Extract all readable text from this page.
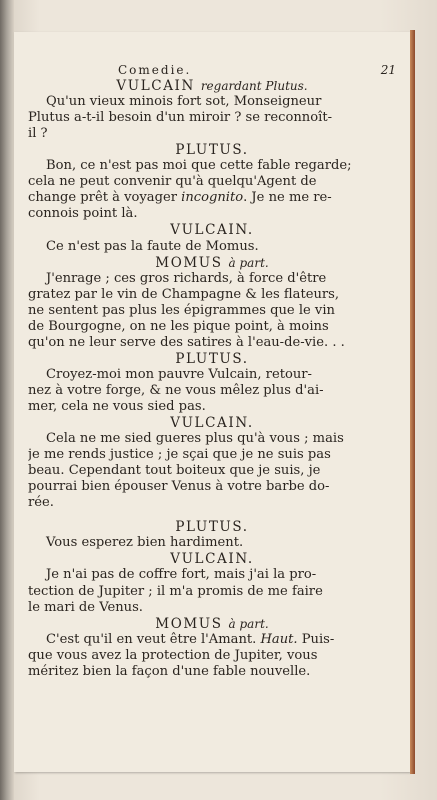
Comedie.	21
VULCAIN regardant Plutus.
Qu'un vieux minois fort sot, Monseigneur
Plutus a-t-il besoin d'un miroir ? se reconnoît-
il ?
PLUTUS.
Bon, ce n'est pas moi que cette fable regarde;
cela ne peut convenir qu'à quelqu'Agent de
change prêt à voyager incognito. Je ne me re-
connois point là.
VULCAIN.
Ce n'est pas la faute de Momus.
MOMUS à part.
J'enrage ; ces gros richards, à force d'être
gratez par le vin de Champagne & les flateurs,
ne sentent pas plus les épigrammes que le vin
de Bourgogne, on ne les pique point, à moins
qu'on ne leur serve des satires à l'eau-de-vie. . .
PLUTUS.
Croyez-moi mon pauvre Vulcain, retour-
nez à votre forge, & ne vous mêlez plus d'ai-
mer, cela ne vous sied pas.
VULCAIN.
Cela ne me sied gueres plus qu'à vous ; mais
je me rends justice ; je sçai que je ne suis pas
beau. Cependant tout boiteux que je suis, je
pourrai bien épouser Venus à votre barbe do-
rée.
PLUTUS.
Vous esperez bien hardiment.
VULCAIN.
Je n'ai pas de coffre fort, mais j'ai la pro-
tection de Jupiter ; il m'a promis de me faire
le mari de Venus.
MOMUS à part.
C'est qu'il en veut être l'Amant. Haut. Puis-
que vous avez la protection de Jupiter, vous
méritez bien la façon d'une fable nouvelle.
